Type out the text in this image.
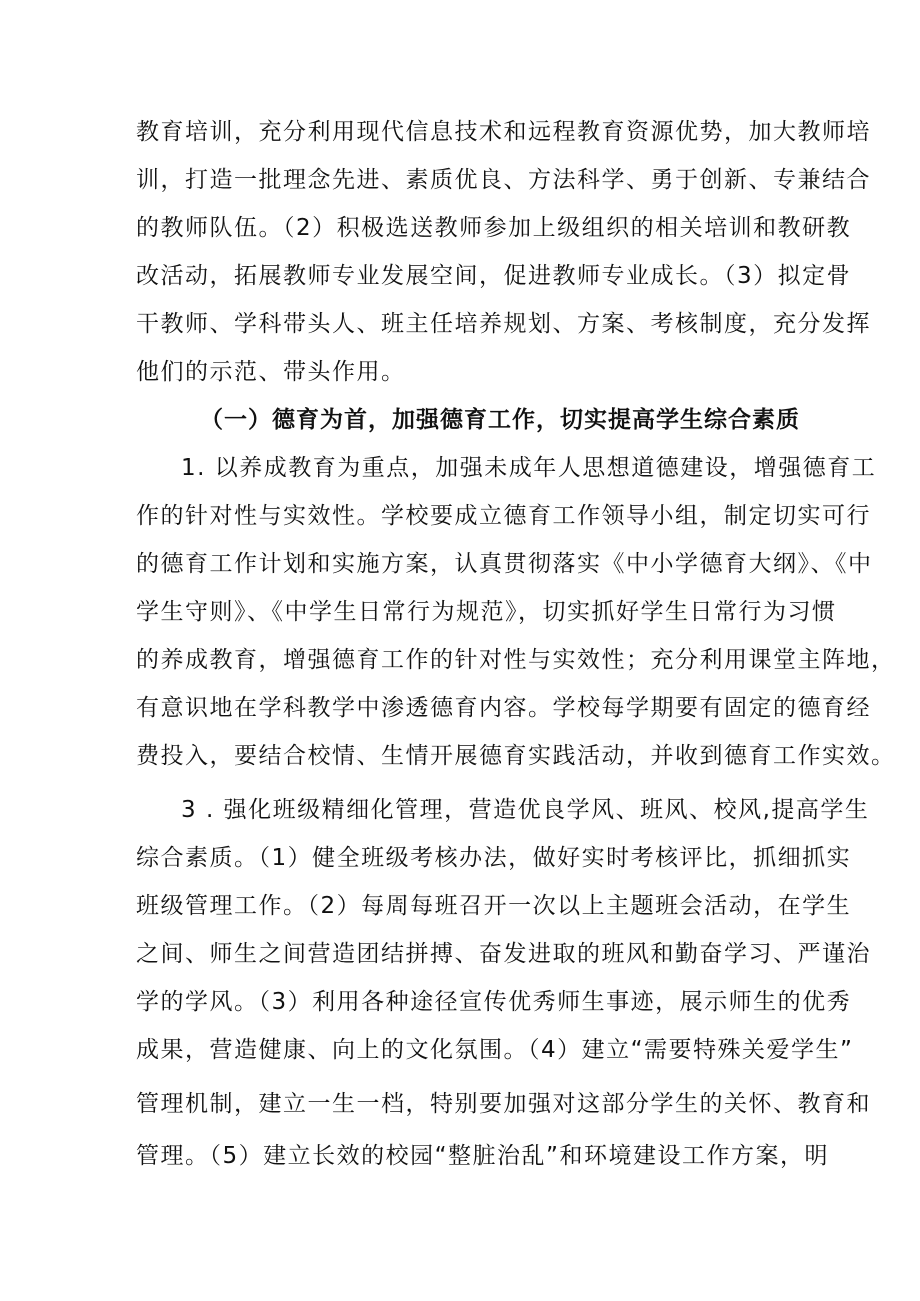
教育培训，充分利用现代信息技术和远程教育资源优势，加大教师培
训，打造一批理念先进、素质优良、方法科学、勇于创新、专兼结合
的教师队伍。（2）积极选送教师参加上级组织的相关培训和教研教
改活动，拓展教师专业发展空间，促进教师专业成长。（3）拟定骨
干教师、学科带头人、班主任培养规划、方案、考核制度，充分发挥
他们的示范、带头作用。
（一）德育为首，加强德育工作，切实提高学生综合素质
1. 以养成教育为重点，加强未成年人思想道德建设，增强德育工
作的针对性与实效性。学校要成立德育工作领导小组，制定切实可行
的德育工作计划和实施方案，认真贯彻落实《中小学德育大纲》、《中
学生守则》、《中学生日常行为规范》，切实抓好学生日常行为习惯
的养成教育，增强德育工作的针对性与实效性；充分利用课堂主阵地，
有意识地在学科教学中渗透德育内容。学校每学期要有固定的德育经
费投入，要结合校情、生情开展德育实践活动，并收到德育工作实效。
3 . 强化班级精细化管理，营造优良学风、班风、校风,提高学生
综合素质。（1）健全班级考核办法，做好实时考核评比，抓细抓实
班级管理工作。（2）每周每班召开一次以上主题班会活动，在学生
之间、师生之间营造团结拼搏、奋发进取的班风和勤奋学习、严谨治
学的学风。（3）利用各种途径宣传优秀师生事迹，展示师生的优秀
成果，营造健康、向上的文化氛围。（4）建立“需要特殊关爱学生”
管理机制，建立一生一档，特别要加强对这部分学生的关怀、教育和
管理。（5）建立长效的校园“整脏治乱”和环境建设工作方案，明
